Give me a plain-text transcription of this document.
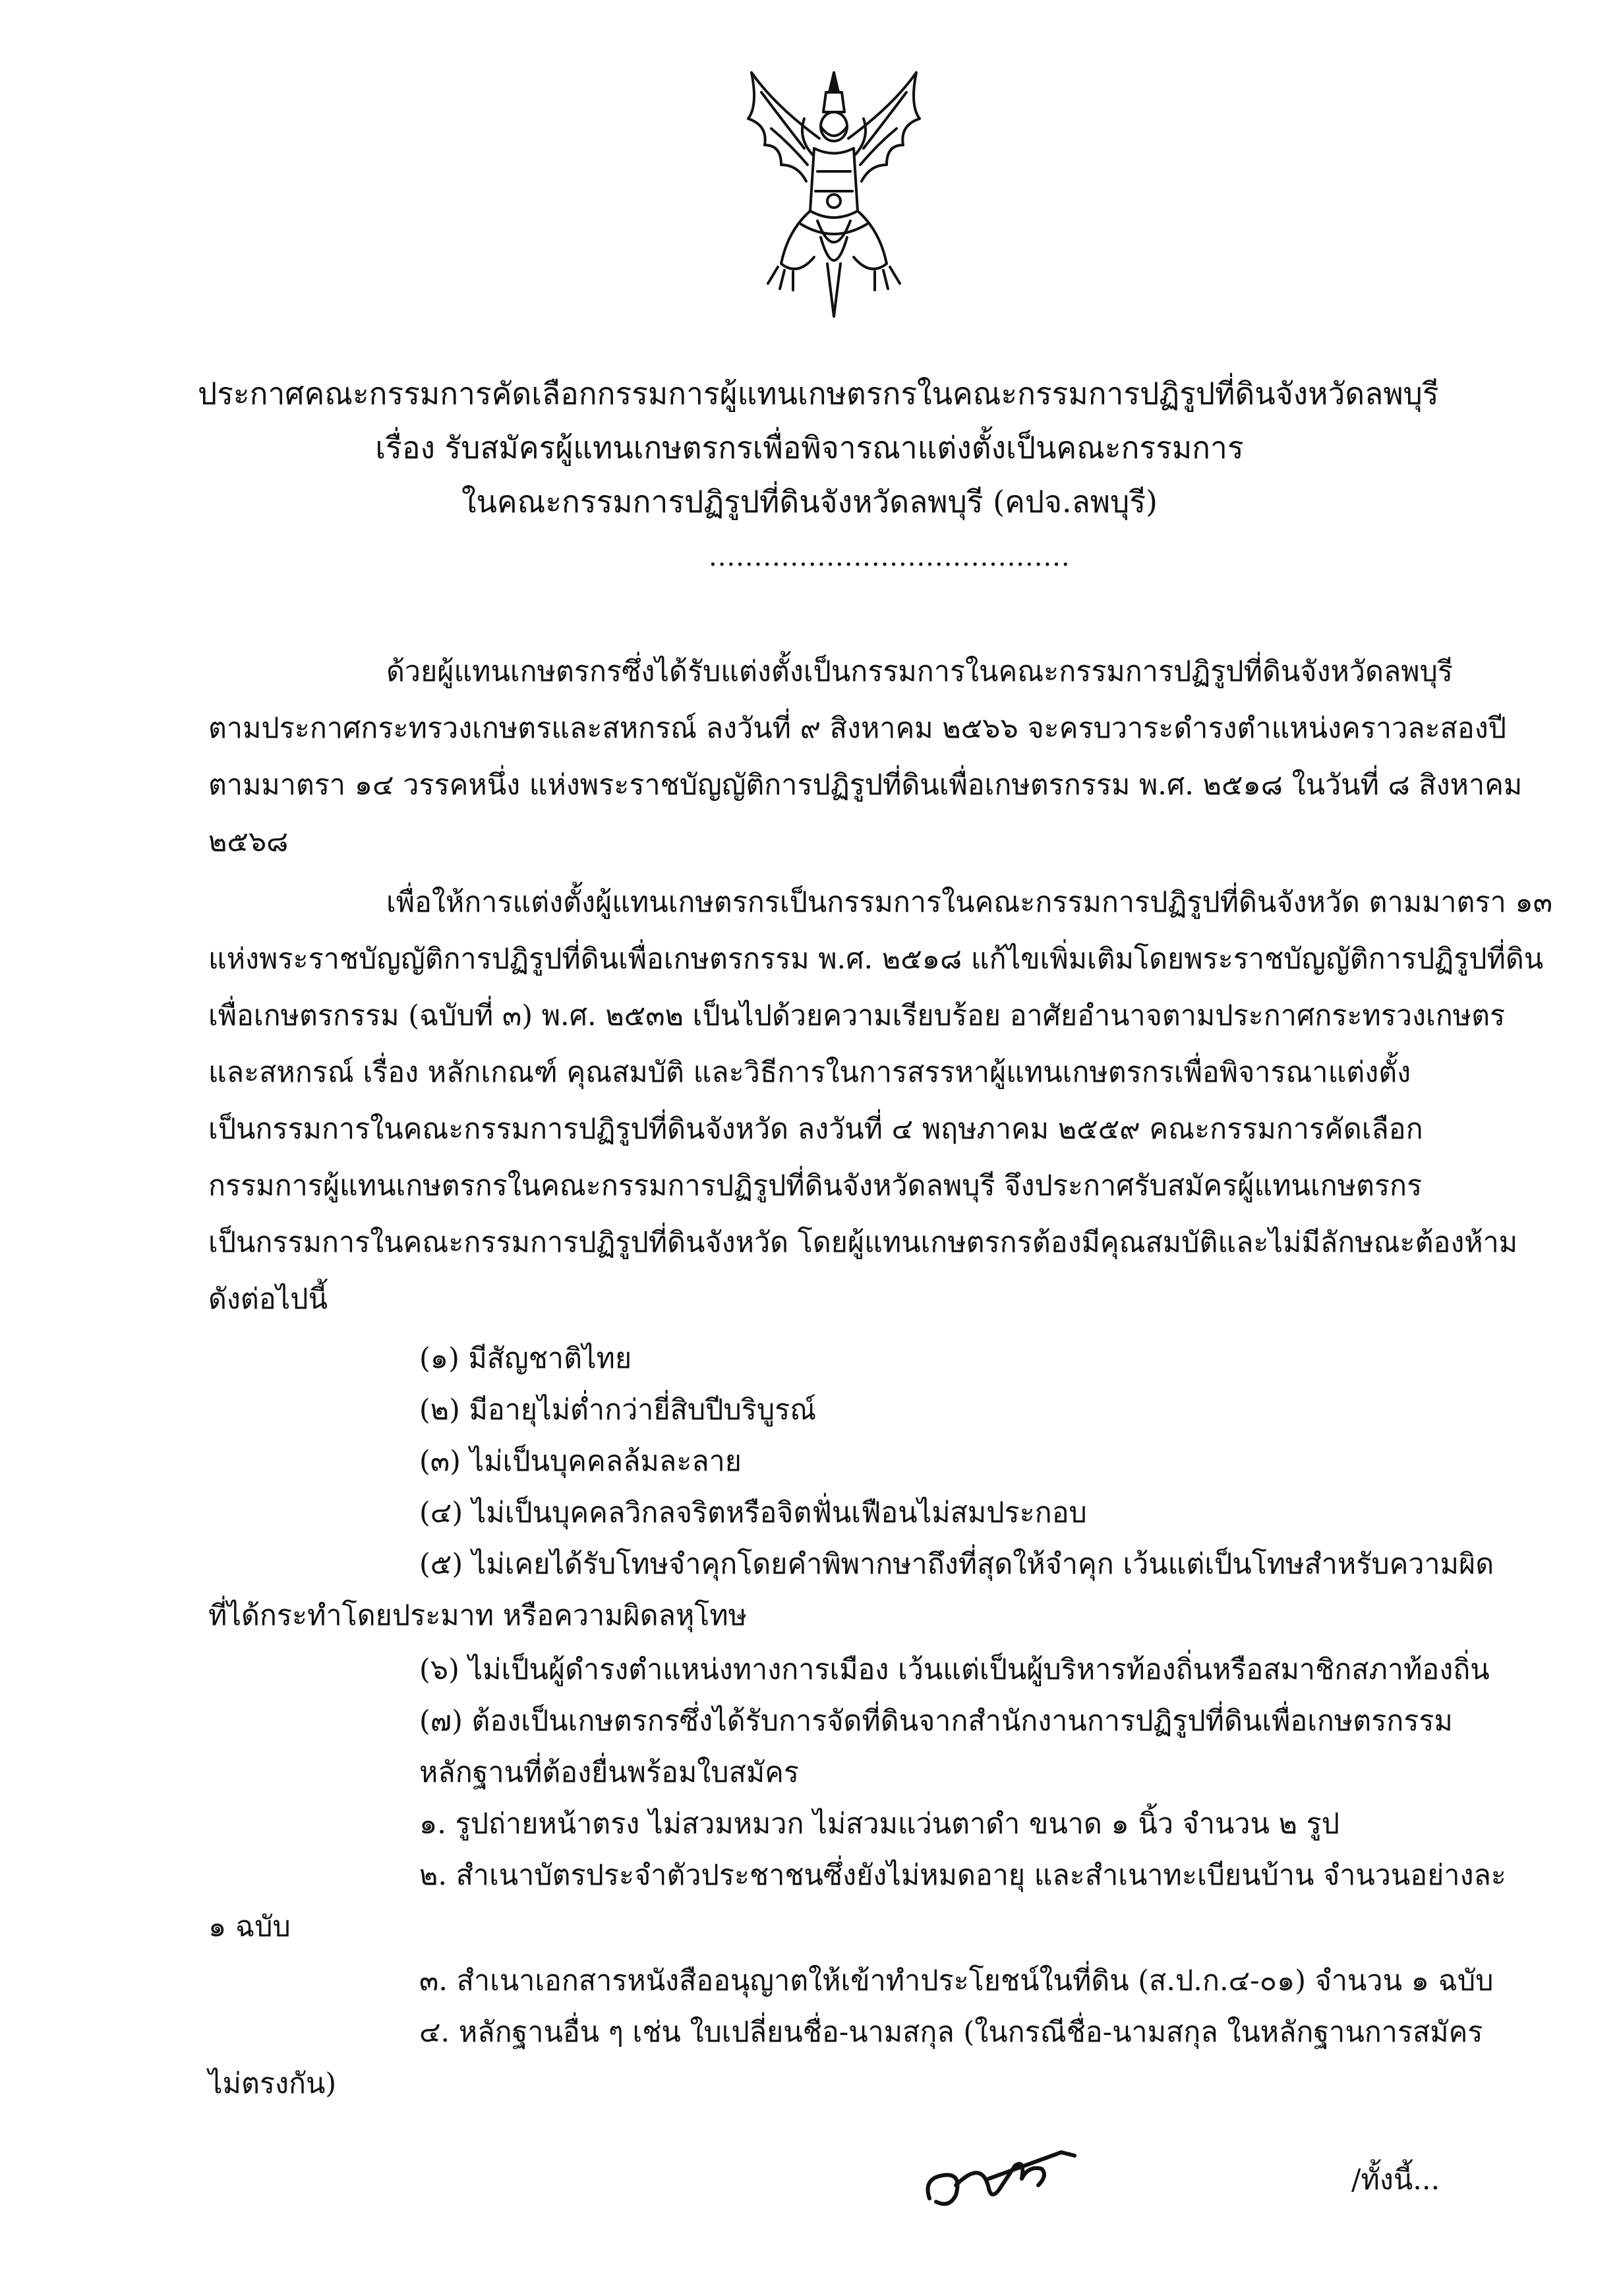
ประกาศคณะกรรมการคัดเลือกกรรมการผู้แทนเกษตรกรในคณะกรรมการปฏิรูปที่ดินจังหวัดลพบุรี
เรื่อง รับสมัครผู้แทนเกษตรกรเพื่อพิจารณาแต่งตั้งเป็นคณะกรรมการ
ในคณะกรรมการปฏิรูปที่ดินจังหวัดลพบุรี (คปจ.ลพบุรี)
........................................
ด้วยผู้แทนเกษตรกรซึ่งได้รับแต่งตั้งเป็นกรรมการในคณะกรรมการปฏิรูปที่ดินจังหวัดลพบุรี
ตามประกาศกระทรวงเกษตรและสหกรณ์ ลงวันที่ ๙ สิงหาคม ๒๕๖๖ จะครบวาระดำรงตำแหน่งคราวละสองปี
ตามมาตรา ๑๔ วรรคหนึ่ง แห่งพระราชบัญญัติการปฏิรูปที่ดินเพื่อเกษตรกรรม พ.ศ. ๒๕๑๘ ในวันที่ ๘ สิงหาคม
๒๕๖๘
เพื่อให้การแต่งตั้งผู้แทนเกษตรกรเป็นกรรมการในคณะกรรมการปฏิรูปที่ดินจังหวัด ตามมาตรา ๑๓
แห่งพระราชบัญญัติการปฏิรูปที่ดินเพื่อเกษตรกรรม พ.ศ. ๒๕๑๘ แก้ไขเพิ่มเติมโดยพระราชบัญญัติการปฏิรูปที่ดิน
เพื่อเกษตรกรรม (ฉบับที่ ๓) พ.ศ. ๒๕๓๒ เป็นไปด้วยความเรียบร้อย อาศัยอำนาจตามประกาศกระทรวงเกษตร
และสหกรณ์ เรื่อง หลักเกณฑ์ คุณสมบัติ และวิธีการในการสรรหาผู้แทนเกษตรกรเพื่อพิจารณาแต่งตั้ง
เป็นกรรมการในคณะกรรมการปฏิรูปที่ดินจังหวัด ลงวันที่ ๔ พฤษภาคม ๒๕๕๙ คณะกรรมการคัดเลือก
กรรมการผู้แทนเกษตรกรในคณะกรรมการปฏิรูปที่ดินจังหวัดลพบุรี จึงประกาศรับสมัครผู้แทนเกษตรกร
เป็นกรรมการในคณะกรรมการปฏิรูปที่ดินจังหวัด โดยผู้แทนเกษตรกรต้องมีคุณสมบัติและไม่มีลักษณะต้องห้าม
ดังต่อไปนี้
(๑) มีสัญชาติไทย
(๒) มีอายุไม่ต่ำกว่ายี่สิบปีบริบูรณ์
(๓) ไม่เป็นบุคคลล้มละลาย
(๔) ไม่เป็นบุคคลวิกลจริตหรือจิตฟั่นเฟือนไม่สมประกอบ
(๕) ไม่เคยได้รับโทษจำคุกโดยคำพิพากษาถึงที่สุดให้จำคุก เว้นแต่เป็นโทษสำหรับความผิด
ที่ได้กระทำโดยประมาท หรือความผิดลหุโทษ
(๖) ไม่เป็นผู้ดำรงตำแหน่งทางการเมือง เว้นแต่เป็นผู้บริหารท้องถิ่นหรือสมาชิกสภาท้องถิ่น
(๗) ต้องเป็นเกษตรกรซึ่งได้รับการจัดที่ดินจากสำนักงานการปฏิรูปที่ดินเพื่อเกษตรกรรม
หลักฐานที่ต้องยื่นพร้อมใบสมัคร
๑. รูปถ่ายหน้าตรง ไม่สวมหมวก ไม่สวมแว่นตาดำ ขนาด ๑ นิ้ว จำนวน ๒ รูป
๒. สำเนาบัตรประจำตัวประชาชนซึ่งยังไม่หมดอายุ และสำเนาทะเบียนบ้าน จำนวนอย่างละ
๑ ฉบับ
๓. สำเนาเอกสารหนังสืออนุญาตให้เข้าทำประโยชน์ในที่ดิน (ส.ป.ก.๔-๐๑) จำนวน ๑ ฉบับ
๔. หลักฐานอื่น ๆ เช่น ใบเปลี่ยนชื่อ-นามสกุล (ในกรณีชื่อ-นามสกุล ในหลักฐานการสมัคร
ไม่ตรงกัน)
/ทั้งนี้...
